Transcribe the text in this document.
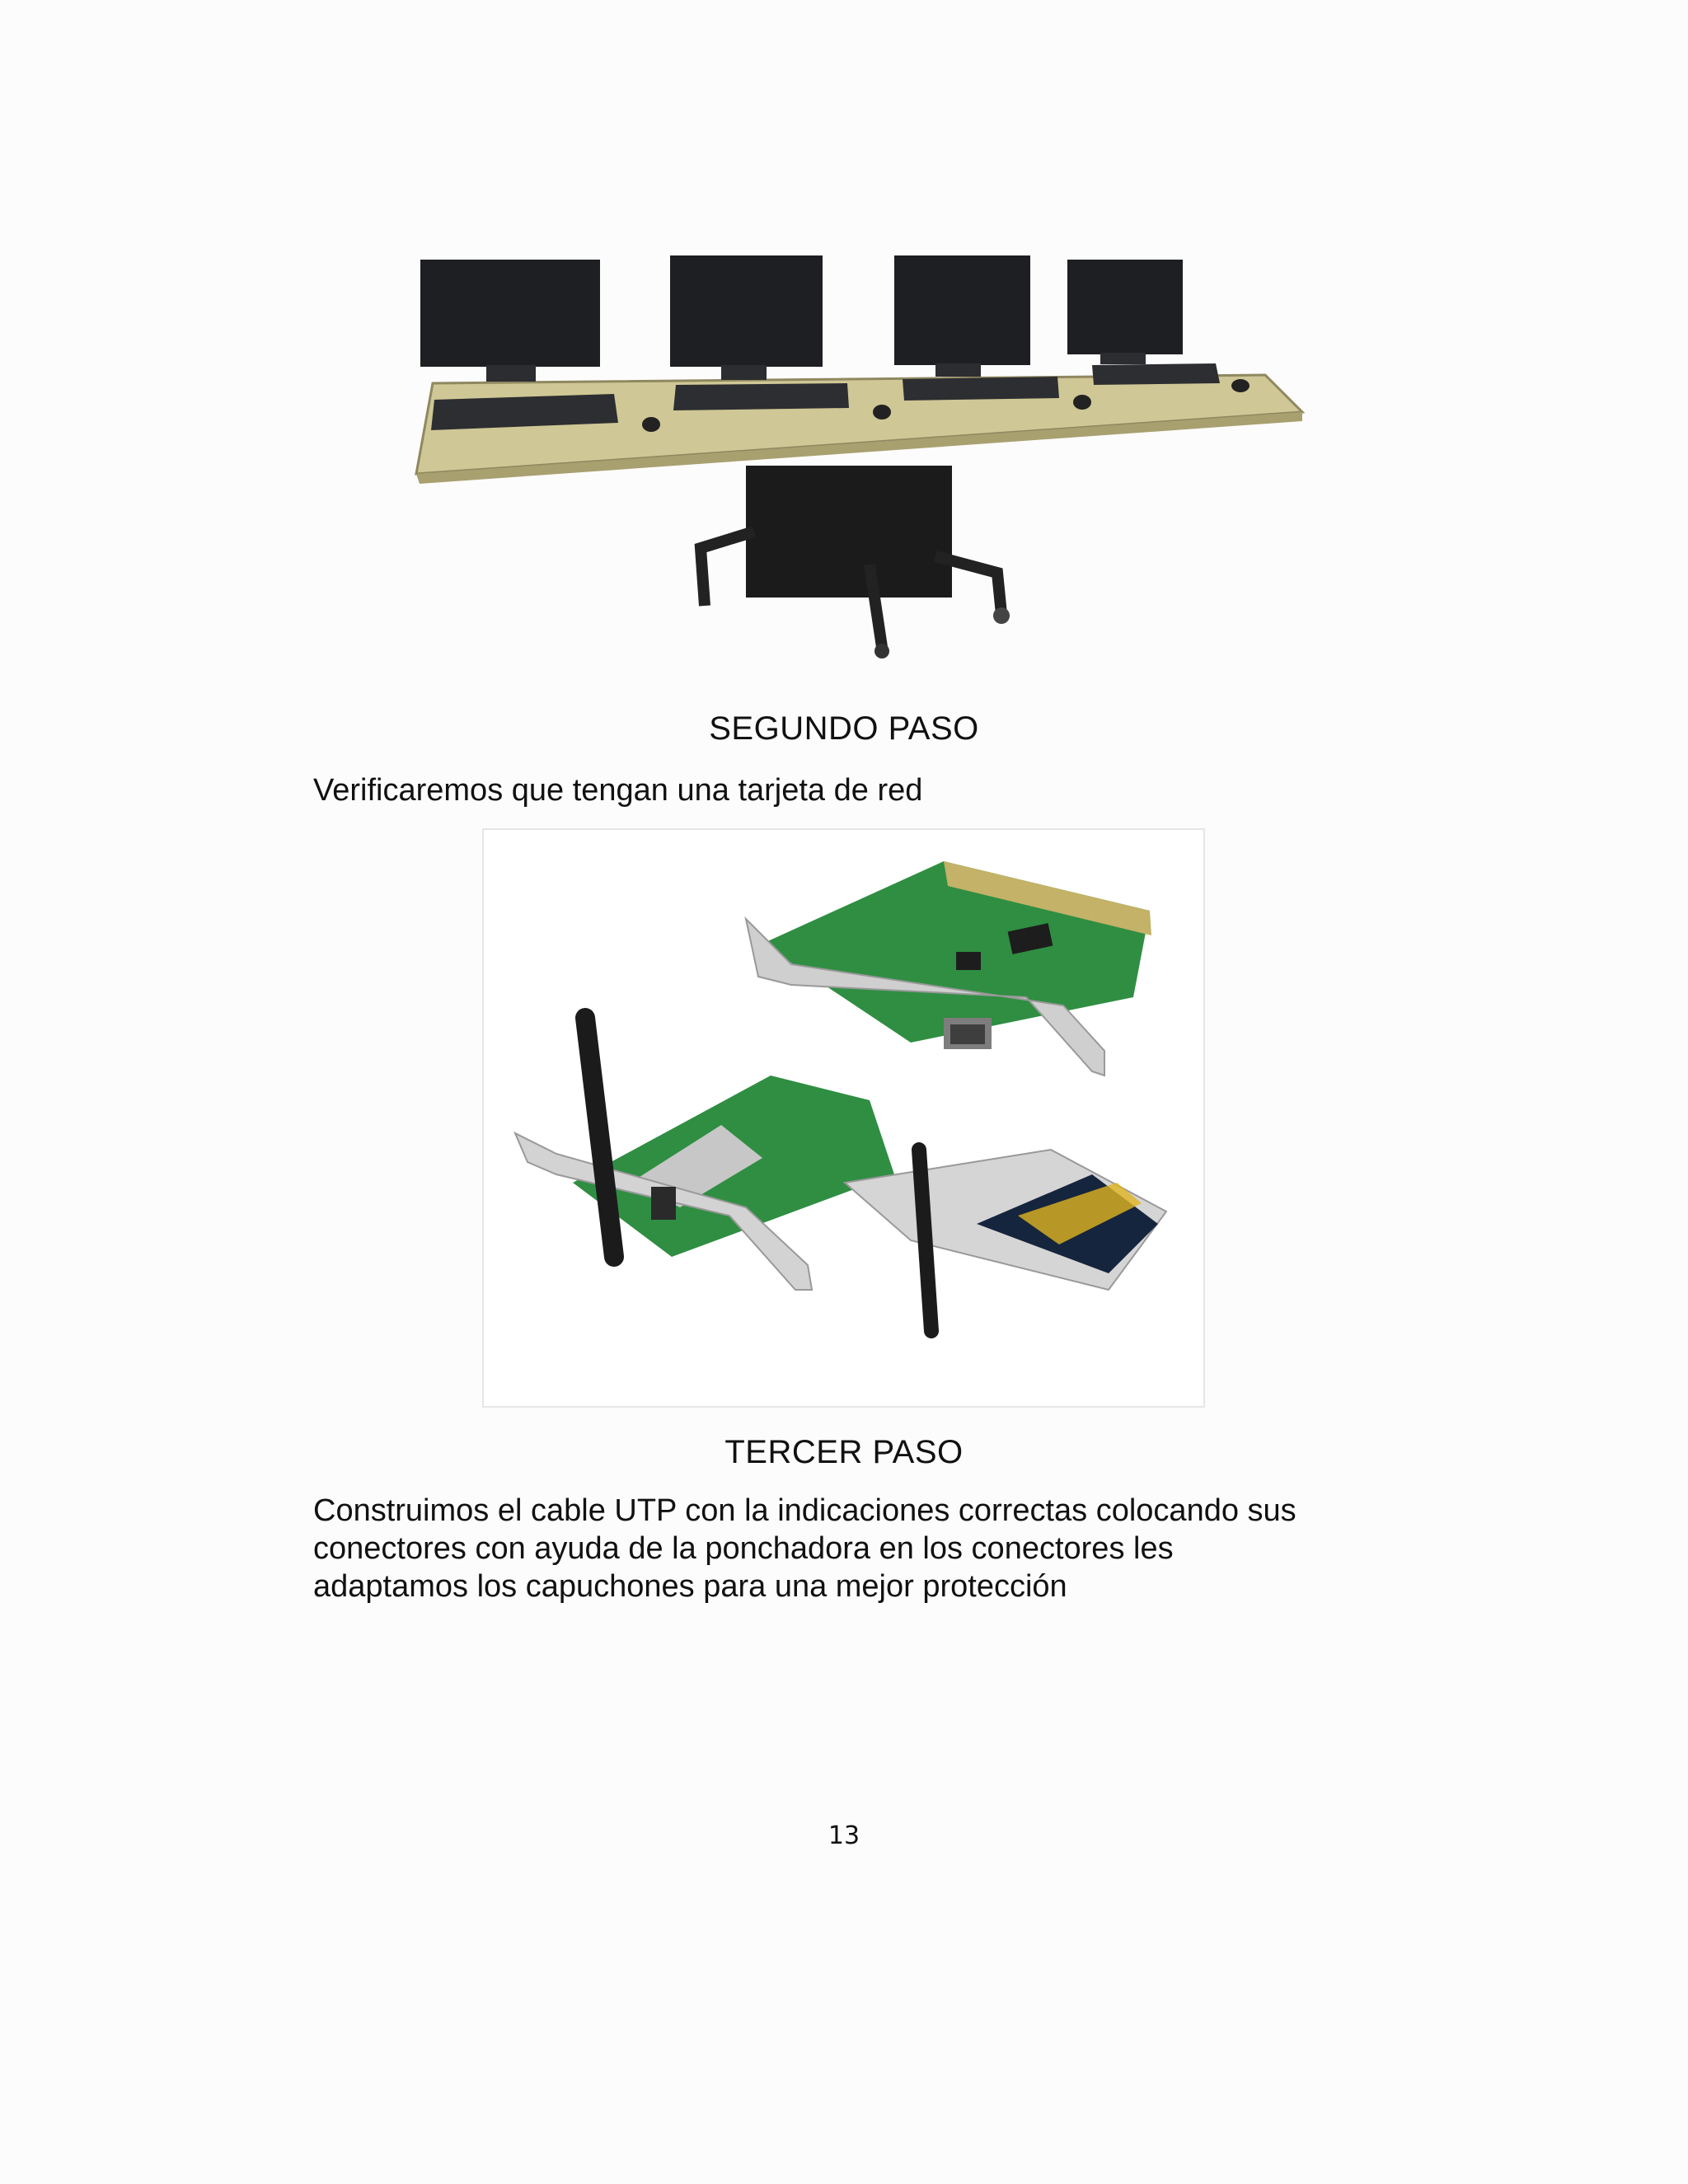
SEGUNDO PASO
Verificaremos que tengan una tarjeta de red
TERCER PASO
Construimos el cable UTP con la indicaciones correctas colocando sus
conectores con ayuda de la ponchadora en los conectores les
adaptamos los capuchones para una mejor protección
13
